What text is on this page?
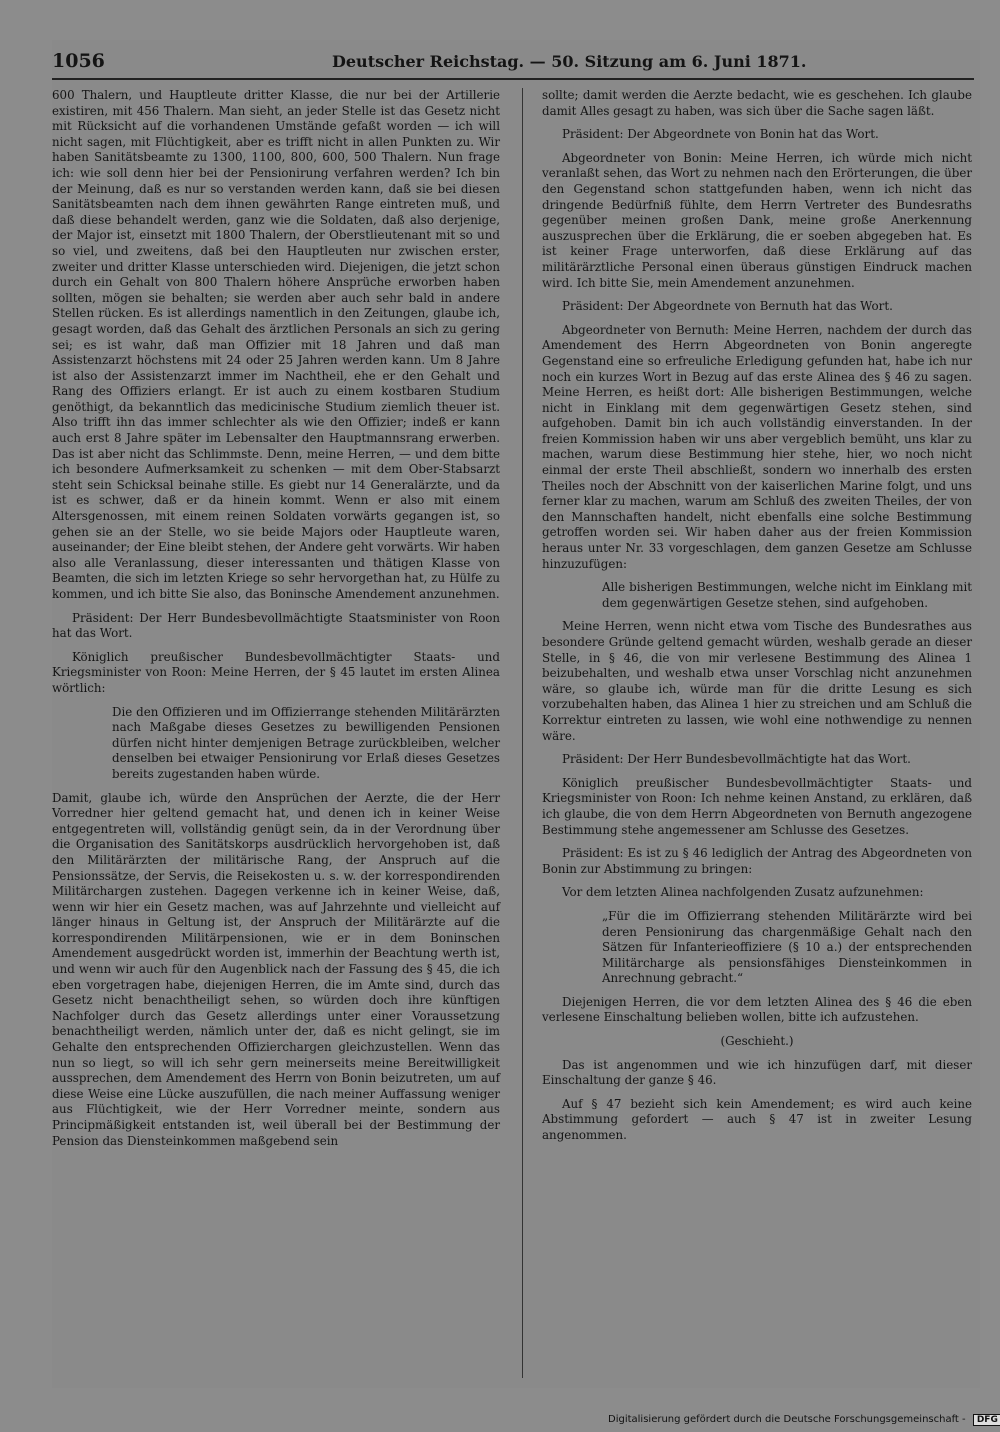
1056	Deutscher Reichstag. — 50. Sitzung am 6. Juni 1871.

600 Thalern, und Hauptleute dritter Klasse, die nur bei der Artillerie existiren, mit 456 Thalern. Man sieht, an jeder Stelle ist das Gesetz nicht mit Rücksicht auf die vorhandenen Umstände gefaßt worden — ich will nicht sagen, mit Flüchtigkeit, aber es trifft nicht in allen Punkten zu. Wir haben Sanitätsbeamte zu 1300, 1100, 800, 600, 500 Thalern. Nun frage ich: wie soll denn hier bei der Pensionirung verfahren werden? Ich bin der Meinung, daß es nur so verstanden werden kann, daß sie bei diesen Sanitätsbeamten nach dem ihnen gewährten Range eintreten muß, und daß diese behandelt werden, ganz wie die Soldaten, daß also derjenige, der Major ist, einsetzt mit 1800 Thalern, der Oberstlieutenant mit so und so viel, und zweitens, daß bei den Hauptleuten nur zwischen erster, zweiter und dritter Klasse unterschieden wird. Diejenigen, die jetzt schon durch ein Gehalt von 800 Thalern höhere Ansprüche erworben haben sollten, mögen sie behalten; sie werden aber auch sehr bald in andere Stellen rücken. Es ist allerdings namentlich in den Zeitungen, glaube ich, gesagt worden, daß das Gehalt des ärztlichen Personals an sich zu gering sei; es ist wahr, daß man Offizier mit 18 Jahren und daß man Assistenzarzt höchstens mit 24 oder 25 Jahren werden kann. Um 8 Jahre ist also der Assistenzarzt immer im Nachtheil, ehe er den Gehalt und Rang des Offiziers erlangt. Er ist auch zu einem kostbaren Studium genöthigt, da bekanntlich das medicinische Studium ziemlich theuer ist. Also trifft ihn das immer schlechter als wie den Offizier; indeß er kann auch erst 8 Jahre später im Lebensalter den Hauptmannsrang erwerben. Das ist aber nicht das Schlimmste. Denn, meine Herren, — und dem bitte ich besondere Aufmerksamkeit zu schenken — mit dem Ober-Stabsarzt steht sein Schicksal beinahe stille. Es giebt nur 14 Generalärzte, und da ist es schwer, daß er da hinein kommt. Wenn er also mit einem Altersgenossen, mit einem reinen Soldaten vorwärts gegangen ist, so gehen sie an der Stelle, wo sie beide Majors oder Hauptleute waren, auseinander; der Eine bleibt stehen, der Andere geht vorwärts. Wir haben also alle Veranlassung, dieser interessanten und thätigen Klasse von Beamten, die sich im letzten Kriege so sehr hervorgethan hat, zu Hülfe zu kommen, und ich bitte Sie also, das Boninsche Amendement anzunehmen.

Präsident: Der Herr Bundesbevollmächtigte Staatsminister von Roon hat das Wort.

Königlich preußischer Bundesbevollmächtigter Staats- und Kriegsminister von Roon: Meine Herren, der § 45 lautet im ersten Alinea wörtlich:

Die den Offizieren und im Offizierrange stehenden Militärärzten nach Maßgabe dieses Gesetzes zu bewilligenden Pensionen dürfen nicht hinter demjenigen Betrage zurückbleiben, welcher denselben bei etwaiger Pensionirung vor Erlaß dieses Gesetzes bereits zugestanden haben würde.

Damit, glaube ich, würde den Ansprüchen der Aerzte, die der Herr Vorredner hier geltend gemacht hat, und denen ich in keiner Weise entgegentreten will, vollständig genügt sein, da in der Verordnung über die Organisation des Sanitätskorps ausdrücklich hervorgehoben ist, daß den Militärärzten der militärische Rang, der Anspruch auf die Pensionssätze, der Servis, die Reisekosten u. s. w. der korrespondirenden Militärchargen zustehen. Dagegen verkenne ich in keiner Weise, daß, wenn wir hier ein Gesetz machen, was auf Jahrzehnte und vielleicht auf länger hinaus in Geltung ist, der Anspruch der Militärärzte auf die korrespondirenden Militärpensionen, wie er in dem Boninschen Amendement ausgedrückt worden ist, immerhin der Beachtung werth ist, und wenn wir auch für den Augenblick nach der Fassung des § 45, die ich eben vorgetragen habe, diejenigen Herren, die im Amte sind, durch das Gesetz nicht benachtheiligt sehen, so würden doch ihre künftigen Nachfolger durch das Gesetz allerdings unter einer Voraussetzung benachtheiligt werden, nämlich unter der, daß es nicht gelingt, sie im Gehalte den entsprechenden Offizierchargen gleichzustellen. Wenn das nun so liegt, so will ich sehr gern meinerseits meine Bereitwilligkeit aussprechen, dem Amendement des Herrn von Bonin beizutreten, um auf diese Weise eine Lücke auszufüllen, die nach meiner Auffassung weniger aus Flüchtigkeit, wie der Herr Vorredner meinte, sondern aus Principmäßigkeit entstanden ist, weil überall bei der Bestimmung der Pension das Diensteinkommen maßgebend sein

sollte; damit werden die Aerzte bedacht, wie es geschehen. Ich glaube damit Alles gesagt zu haben, was sich über die Sache sagen läßt.

Präsident: Der Abgeordnete von Bonin hat das Wort.

Abgeordneter von Bonin: Meine Herren, ich würde mich nicht veranlaßt sehen, das Wort zu nehmen nach den Erörterungen, die über den Gegenstand schon stattgefunden haben, wenn ich nicht das dringende Bedürfniß fühlte, dem Herrn Vertreter des Bundesraths gegenüber meinen großen Dank, meine große Anerkennung auszusprechen über die Erklärung, die er soeben abgegeben hat. Es ist keiner Frage unterworfen, daß diese Erklärung auf das militärärztliche Personal einen überaus günstigen Eindruck machen wird. Ich bitte Sie, mein Amendement anzunehmen.

Präsident: Der Abgeordnete von Bernuth hat das Wort.

Abgeordneter von Bernuth: Meine Herren, nachdem der durch das Amendement des Herrn Abgeordneten von Bonin angeregte Gegenstand eine so erfreuliche Erledigung gefunden hat, habe ich nur noch ein kurzes Wort in Bezug auf das erste Alinea des § 46 zu sagen. Meine Herren, es heißt dort: Alle bisherigen Bestimmungen, welche nicht in Einklang mit dem gegenwärtigen Gesetz stehen, sind aufgehoben. Damit bin ich auch vollständig einverstanden. In der freien Kommission haben wir uns aber vergeblich bemüht, uns klar zu machen, warum diese Bestimmung hier stehe, hier, wo noch nicht einmal der erste Theil abschließt, sondern wo innerhalb des ersten Theiles noch der Abschnitt von der kaiserlichen Marine folgt, und uns ferner klar zu machen, warum am Schluß des zweiten Theiles, der von den Mannschaften handelt, nicht ebenfalls eine solche Bestimmung getroffen worden sei. Wir haben daher aus der freien Kommission heraus unter Nr. 33 vorgeschlagen, dem ganzen Gesetze am Schlusse hinzuzufügen:

Alle bisherigen Bestimmungen, welche nicht im Einklang mit dem gegenwärtigen Gesetze stehen, sind aufgehoben.

Meine Herren, wenn nicht etwa vom Tische des Bundesrathes aus besondere Gründe geltend gemacht würden, weshalb gerade an dieser Stelle, in § 46, die von mir verlesene Bestimmung des Alinea 1 beizubehalten, und weshalb etwa unser Vorschlag nicht anzunehmen wäre, so glaube ich, würde man für die dritte Lesung es sich vorzubehalten haben, das Alinea 1 hier zu streichen und am Schluß die Korrektur eintreten zu lassen, wie wohl eine nothwendige zu nennen wäre.

Präsident: Der Herr Bundesbevollmächtigte hat das Wort.

Königlich preußischer Bundesbevollmächtigter Staats- und Kriegsminister von Roon: Ich nehme keinen Anstand, zu erklären, daß ich glaube, die von dem Herrn Abgeordneten von Bernuth angezogene Bestimmung stehe angemessener am Schlusse des Gesetzes.

Präsident: Es ist zu § 46 lediglich der Antrag des Abgeordneten von Bonin zur Abstimmung zu bringen:

Vor dem letzten Alinea nachfolgenden Zusatz aufzunehmen:

„Für die im Offizierrang stehenden Militärärzte wird bei deren Pensionirung das chargenmäßige Gehalt nach den Sätzen für Infanterieoffiziere (§ 10 a.) der entsprechenden Militärcharge als pensionsfähiges Diensteinkommen in Anrechnung gebracht.“

Diejenigen Herren, die vor dem letzten Alinea des § 46 die eben verlesene Einschaltung belieben wollen, bitte ich aufzustehen.

(Geschieht.)

Das ist angenommen und wie ich hinzufügen darf, mit dieser Einschaltung der ganze § 46.

Auf § 47 bezieht sich kein Amendement; es wird auch keine Abstimmung gefordert — auch § 47 ist in zweiter Lesung angenommen.

Digitalisierung gefördert durch die Deutsche Forschungsgemeinschaft - DFG
